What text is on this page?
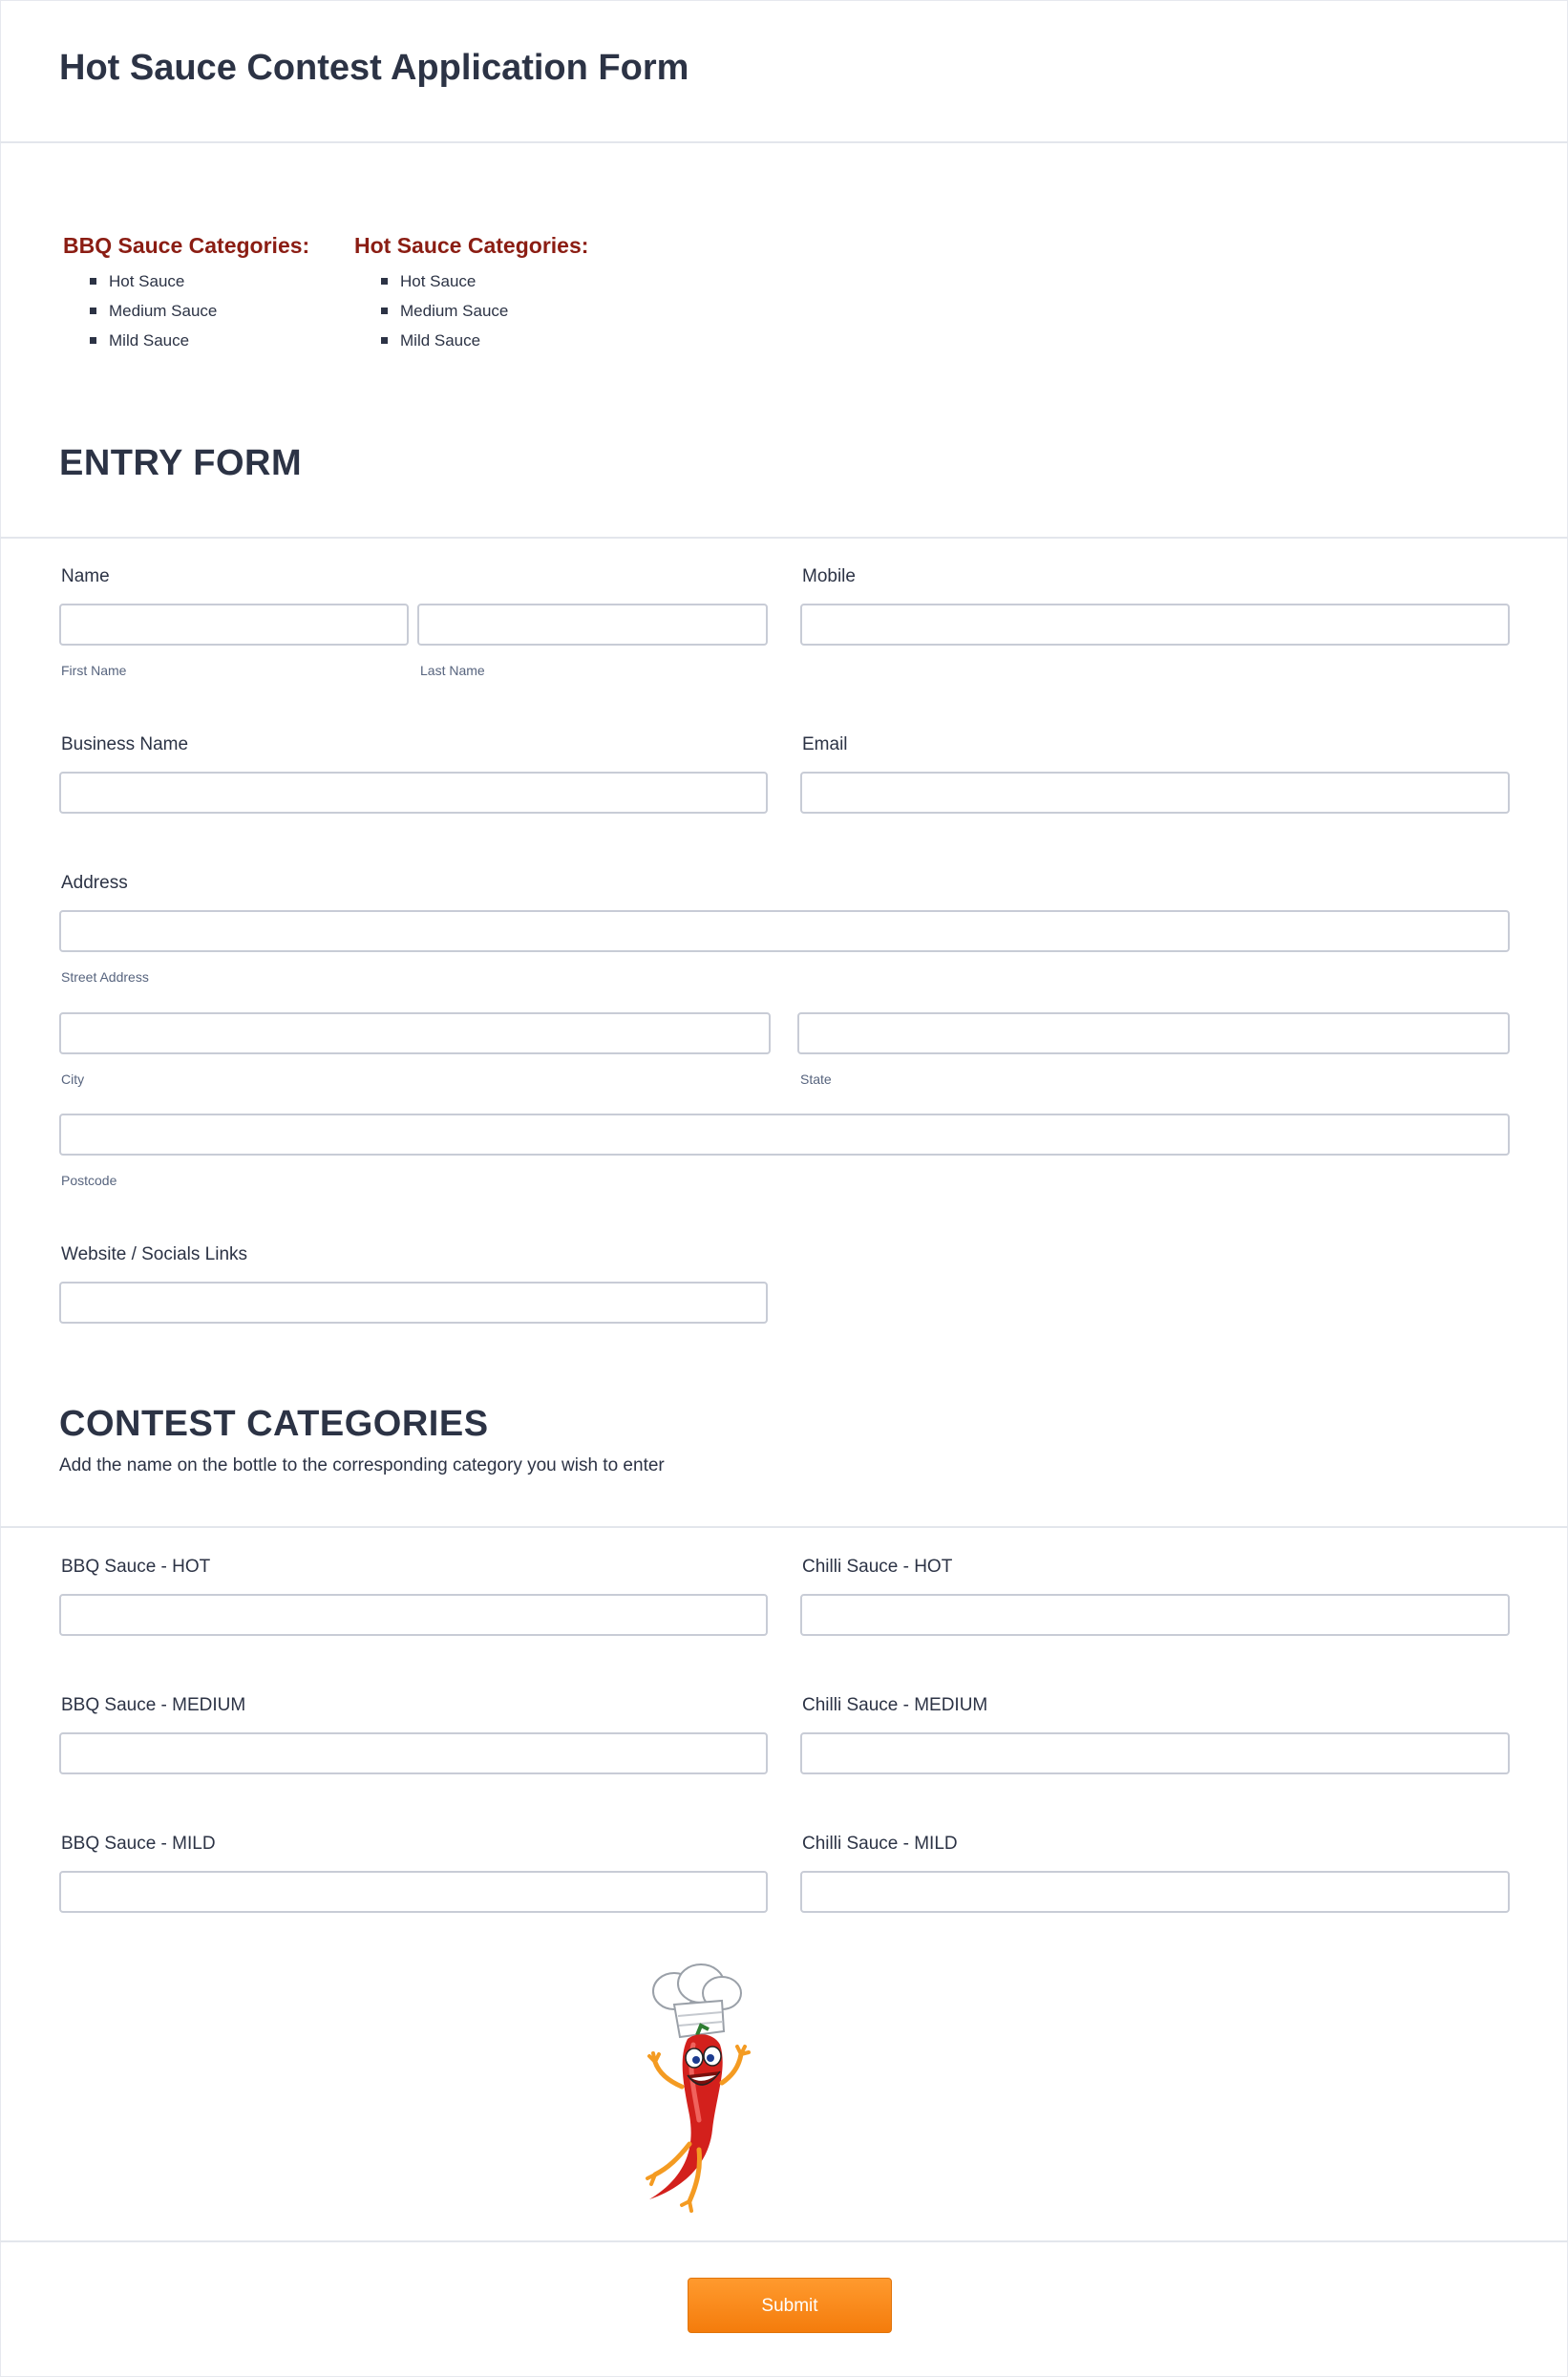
Hot Sauce Contest Application Form
BBQ Sauce Categories:
Hot Sauce
Medium Sauce
Mild Sauce
Hot Sauce Categories:
Hot Sauce
Medium Sauce
Mild Sauce
ENTRY FORM
Name
First Name	Last Name
Mobile
Business Name	Email
Address
Street Address
City	State
Postcode
Website / Socials Links
CONTEST CATEGORIES
Add the name on the bottle to the corresponding category you wish to enter
BBQ Sauce - HOT	Chilli Sauce - HOT
BBQ Sauce - MEDIUM	Chilli Sauce - MEDIUM
BBQ Sauce - MILD	Chilli Sauce - MILD
Submit
